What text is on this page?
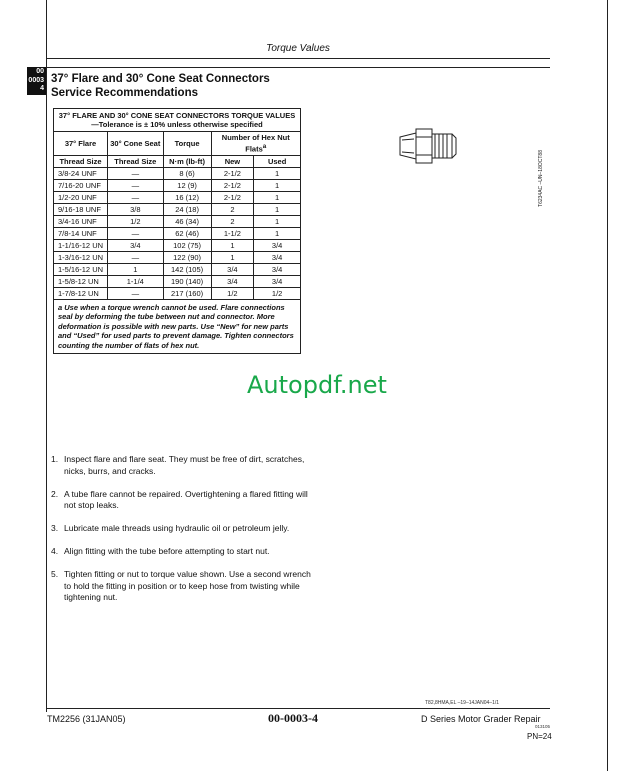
Torque Values
00
0003
4
37° Flare and 30° Cone Seat Connectors
Service Recommendations
37° FLARE AND 30° CONE SEAT CONNECTORS TORQUE VALUES—Tolerance is ± 10% unless otherwise specified				
37° Flare	30° Cone Seat	Torque	Number of Hex Nut Flats$^a$
Thread Size	Thread Size	N·m (lb-ft)	New	Used
3/8-24 UNF	—	8 (6)	2-1/2	1
7/16-20 UNF	—	12 (9)	2-1/2	1
1/2-20 UNF	—	16 (12)	2-1/2	1
9/16-18 UNF	3/8	24 (18)	2	1
3/4-16 UNF	1/2	46 (34)	2	1
7/8-14 UNF	—	62 (46)	1-1/2	1
1-1/16-12 UN	3/4	102 (75)	1	3/4
1-3/16-12 UN	—	122 (90)	1	3/4
1-5/16-12 UN	1	142 (105)	3/4	3/4
1-5/8-12 UN	1-1/4	190 (140)	3/4	3/4
1-7/8-12 UN	—	217 (160)	1/2	1/2
a Use when a torque wrench cannot be used. Flare connections seal by deforming the tube between nut and connector. More deformation is possible with new parts. Use “New” for new parts and “Used” for used parts to prevent damage. Tighten connectors counting the number of flats of hex nut.				
T6234AC –UN–18OCT88
Autopdf.net
1. Inspect flare and flare seat. They must be free of dirt, scratches, nicks, burrs, and cracks.
2. A tube flare cannot be repaired. Overtightening a flared fitting will not stop leaks.
3. Lubricate male threads using hydraulic oil or petroleum jelly.
4. Align fitting with the tube before attempting to start nut.
5. Tighten fitting or nut to torque value shown. Use a second wrench to hold the fitting in position or to keep hose from twisting while tightening nut.
T82,8HMA,EL –19–14JAN04–1/1
TM2256 (31JAN05)	00-0003-4	D Series Motor Grader Repair
013105
PN=24
